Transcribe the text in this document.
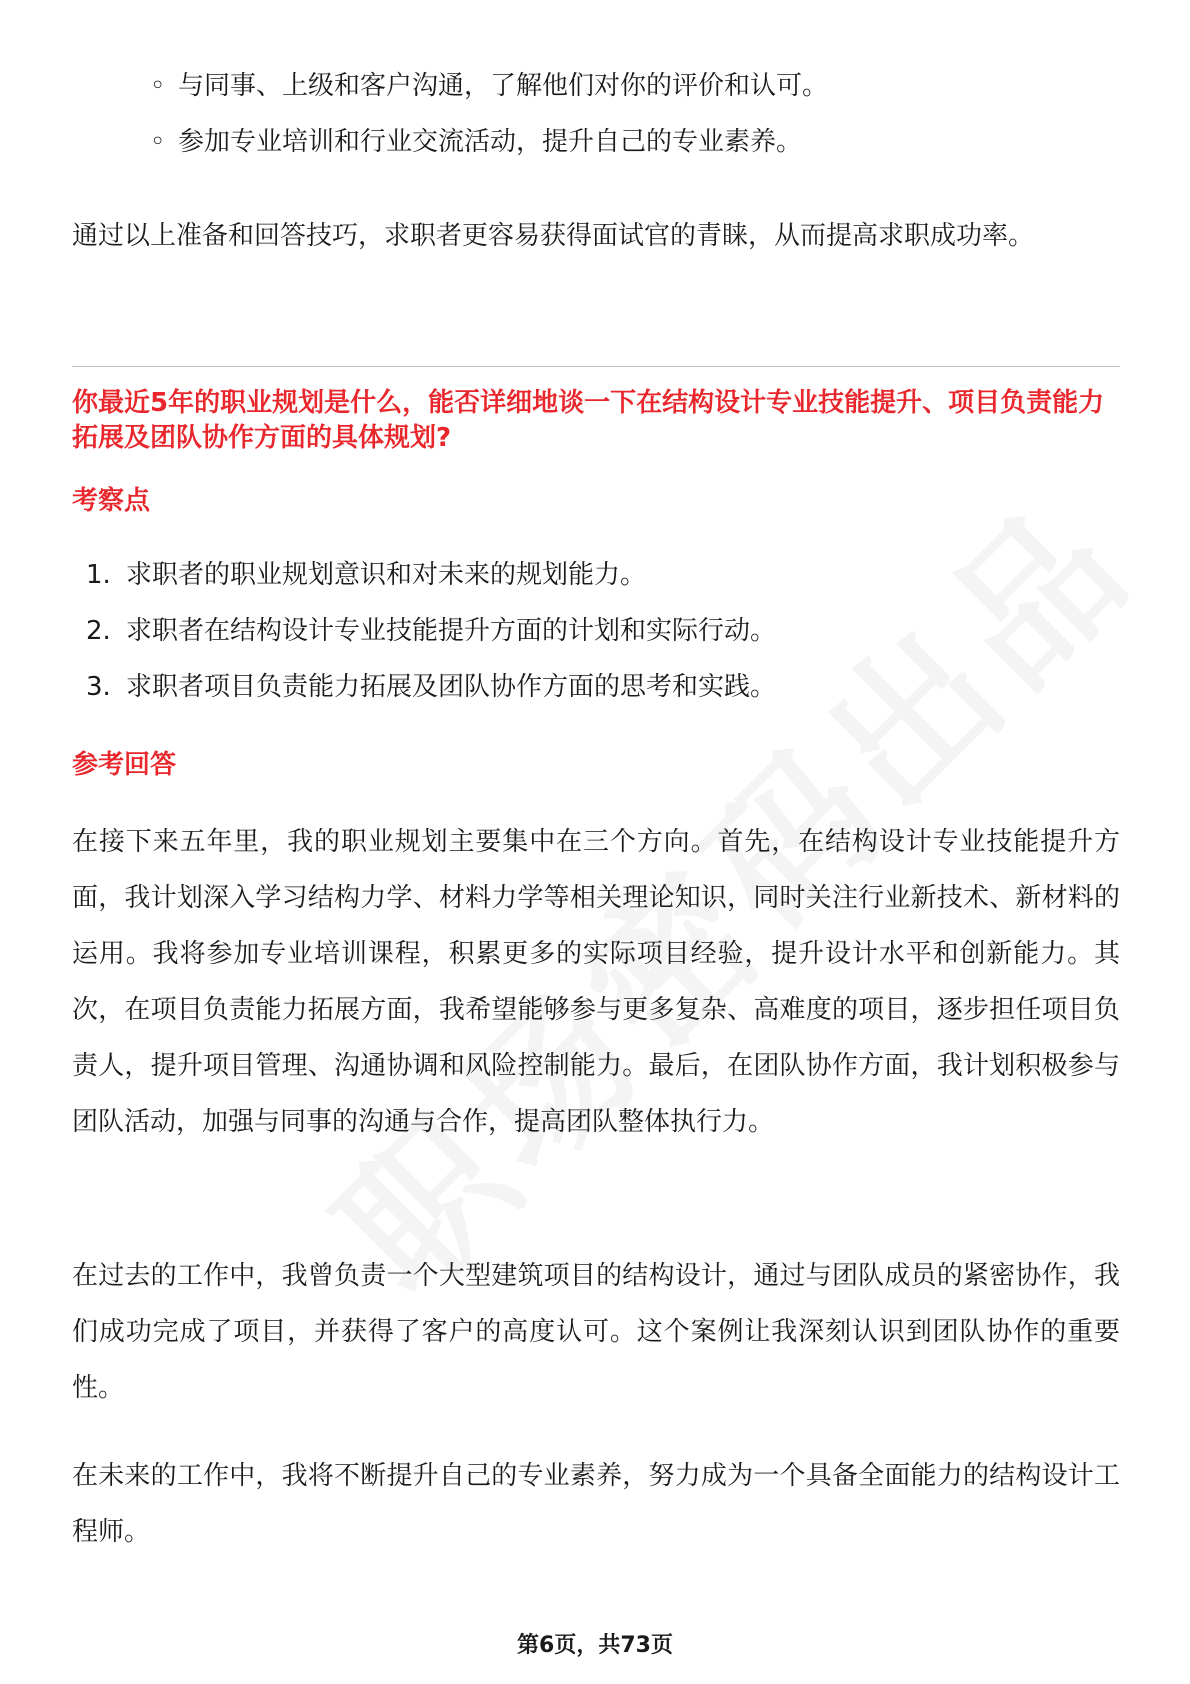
◦ 与同事、上级和客户沟通，了解他们对你的评价和认可。
◦ 参加专业培训和行业交流活动，提升自己的专业素养。
通过以上准备和回答技巧，求职者更容易获得面试官的青睐，从而提高求职成功率。
你最近5年的职业规划是什么，能否详细地谈一下在结构设计专业技能提升、项目负责能力拓展及团队协作方面的具体规划?
考察点
1. 求职者的职业规划意识和对未来的规划能力。
2. 求职者在结构设计专业技能提升方面的计划和实际行动。
3. 求职者项目负责能力拓展及团队协作方面的思考和实践。
参考回答
在接下来五年里，我的职业规划主要集中在三个方向。首先，在结构设计专业技能提升方面，我计划深入学习结构力学、材料力学等相关理论知识，同时关注行业新技术、新材料的运用。我将参加专业培训课程，积累更多的实际项目经验，提升设计水平和创新能力。其次，在项目负责能力拓展方面，我希望能够参与更多复杂、高难度的项目，逐步担任项目负责人，提升项目管理、沟通协调和风险控制能力。最后，在团队协作方面，我计划积极参与团队活动，加强与同事的沟通与合作，提高团队整体执行力。
在过去的工作中，我曾负责一个大型建筑项目的结构设计，通过与团队成员的紧密协作，我们成功完成了项目，并获得了客户的高度认可。这个案例让我深刻认识到团队协作的重要性。
在未来的工作中，我将不断提升自己的专业素养，努力成为一个具备全面能力的结构设计工程师。
第6页，共73页
